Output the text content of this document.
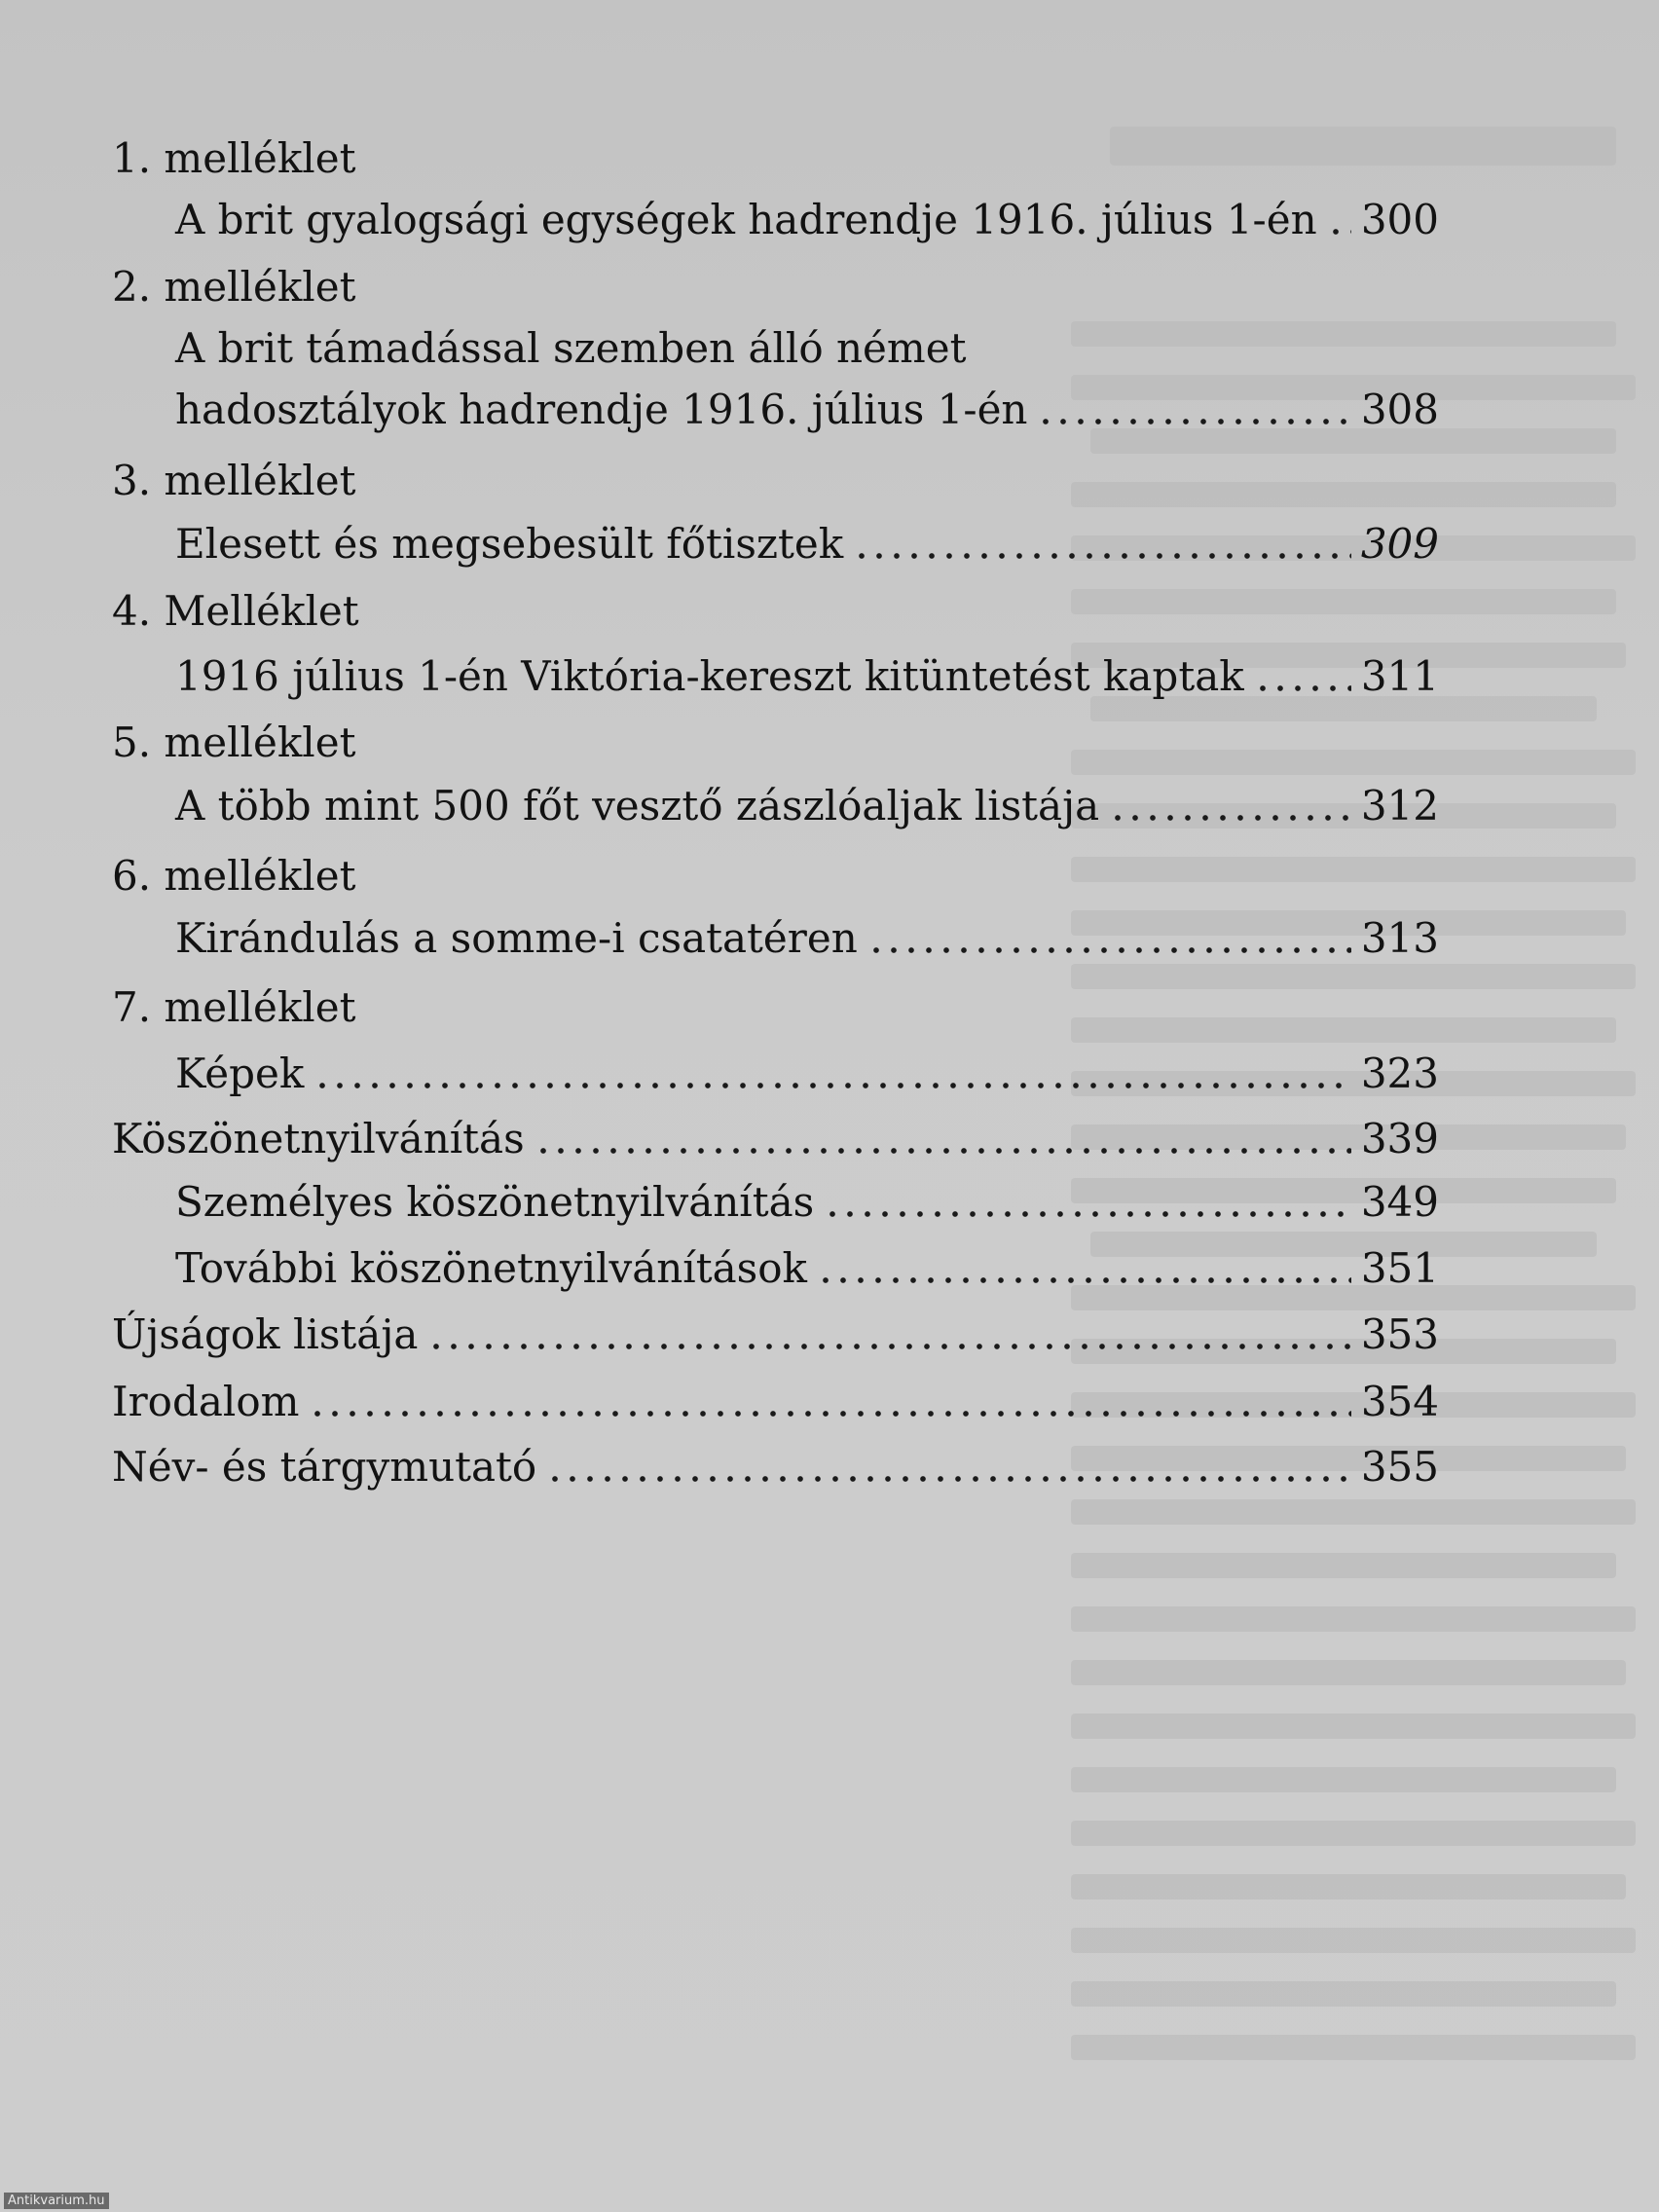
1. melléklet
A brit gyalogsági egységek hadrendje 1916. július 1-én 300
2. melléklet
A brit támadással szemben álló német
hadosztályok hadrendje 1916. július 1-én	308
3. melléklet
Elesett és megsebesült főtisztek	309
4. Melléklet
1916 július 1-én Viktória-kereszt kitüntetést kaptak	311
5. melléklet
A több mint 500 főt vesztő zászlóaljak listája	312
6. melléklet
Kirándulás a somme-i csatatéren	313
7. melléklet
Képek	323
Köszönetnyilvánítás	339
Személyes köszönetnyilvánítás	349
További köszönetnyilvánítások	351
Újságok listája	353
Irodalom	354
Név- és tárgymutató	355
Antikvarium.hu
